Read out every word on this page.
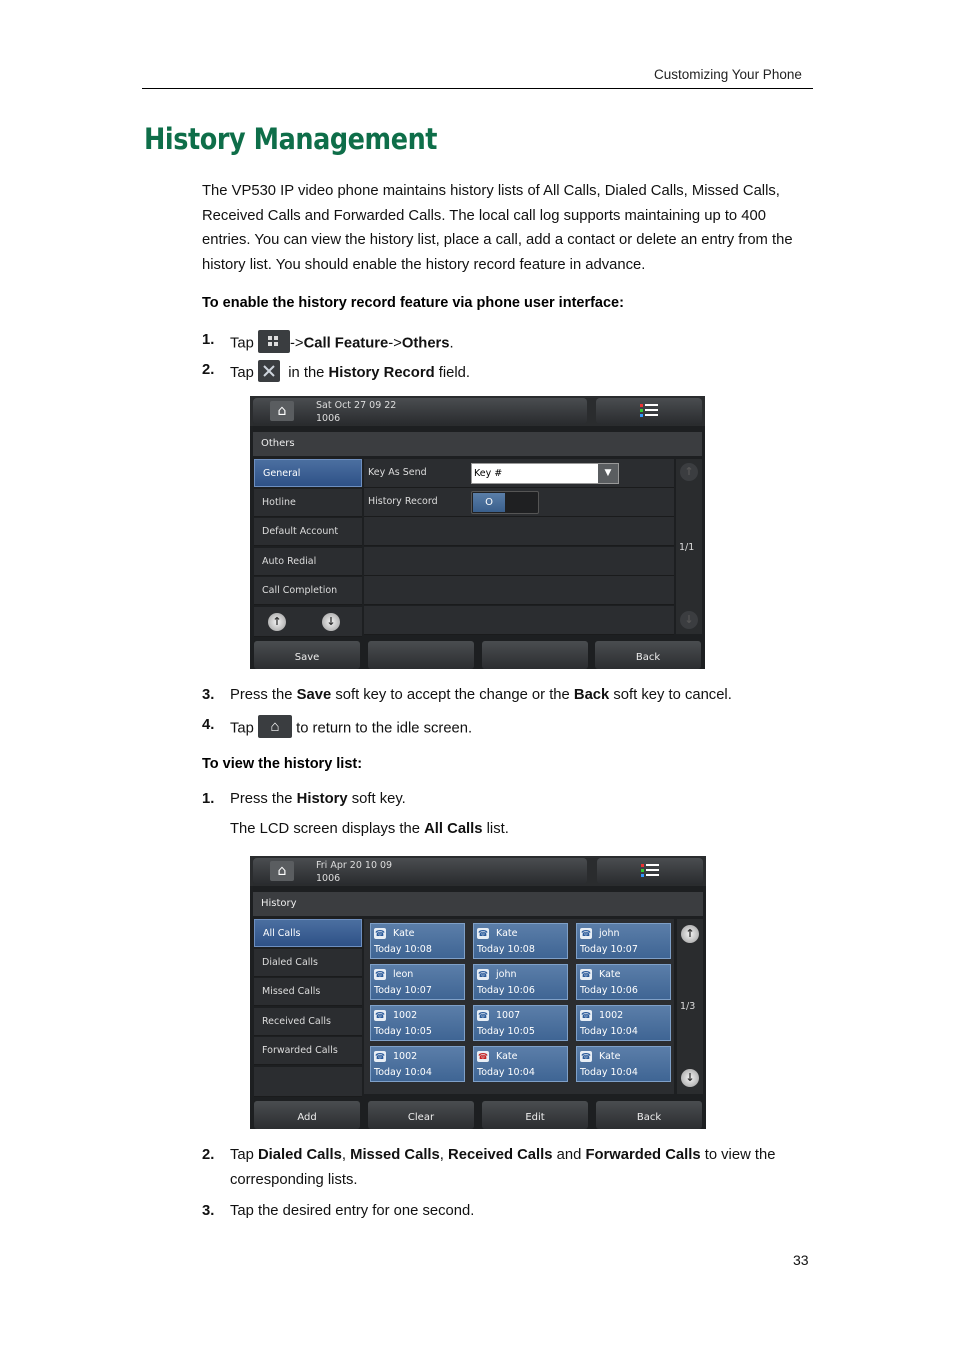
Customizing Your Phone
History Management
The VP530 IP video phone maintains history lists of All Calls, Dialed Calls, Missed Calls, Received Calls and Forwarded Calls. The local call log supports maintaining up to 400 entries. You can view the history list, place a call, add a contact or delete an entry from the history list. You should enable the history record feature in advance.
To enable the history record feature via phone user interface:
1. Tap ->Call Feature->Others.
2. Tap in the History Record field.
⌂	Sat Oct 27 09 22
1006
Others
General
Hotline
Default Account
Auto Redial
Call Completion
↑	↓
Key As Send	Key #	▼
History Record	O
↑
1/1
↓
Save	Back
3. Press the Save soft key to accept the change or the Back soft key to cancel.
4. Tap ⌂ to return to the idle screen.
To view the history list:
1. Press the History soft key.
The LCD screen displays the All Calls list.
⌂	Fri Apr 20 10 09
1006
History
All Calls
Dialed Calls
Missed Calls
Received Calls
Forwarded Calls
☎ Kate
Today 10:08
☎ Kate
Today 10:08
☎ john
Today 10:07
☎ leon
Today 10:07
☎ john
Today 10:06
☎ Kate
Today 10:06
☎ 1002
Today 10:05
☎ 1007
Today 10:05
☎ 1002
Today 10:04
☎ 1002
Today 10:04
☎ Kate
Today 10:04
☎ Kate
Today 10:04
↑
1/3
↓
Add	Clear	Edit	Back
2. Tap Dialed Calls, Missed Calls, Received Calls and Forwarded Calls to view the
corresponding lists.
3. Tap the desired entry for one second.
33
